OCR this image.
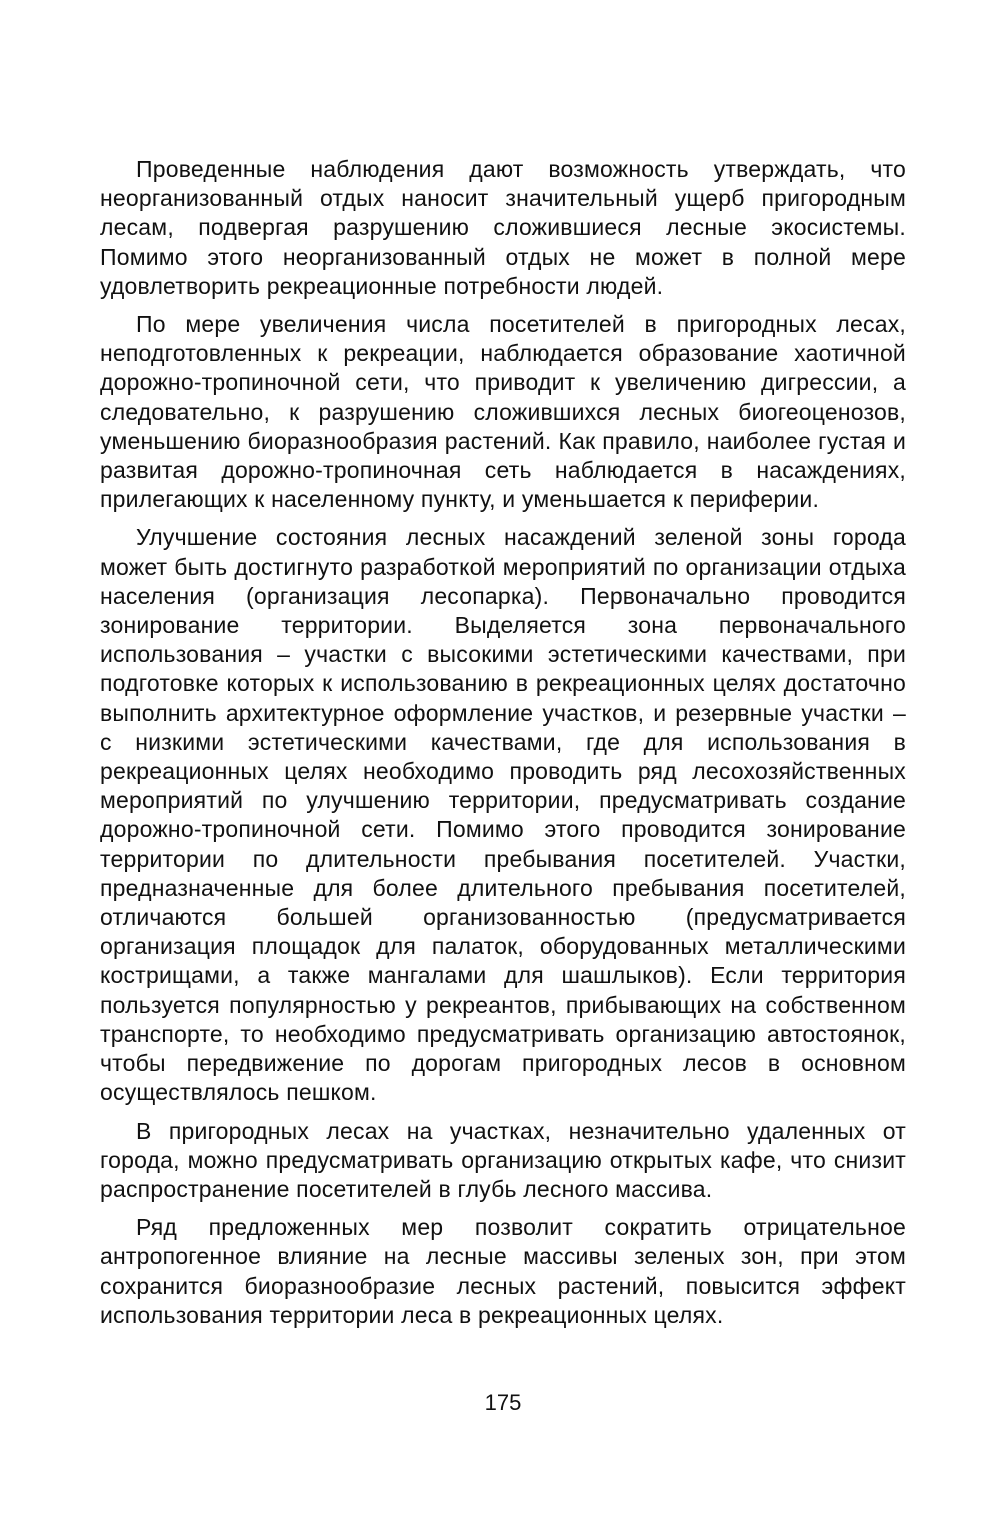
Проведенные наблюдения дают возможность утверждать, что неорганизованный отдых наносит значительный ущерб пригородным лесам, подвергая разрушению сложившиеся лесные экосистемы. Помимо этого неорганизованный отдых не может в полной мере удовлетворить рекреационные потребности людей.

По мере увеличения числа посетителей в пригородных лесах, неподготовленных к рекреации, наблюдается образование хаотичной дорожно-тропиночной сети, что приводит к увеличению дигрессии, а следовательно, к разрушению сложившихся лесных биогеоценозов, уменьшению биоразнообразия растений. Как правило, наиболее густая и развитая дорожно-тропиночная сеть наблюдается в насаждениях, прилегающих к населенному пункту, и уменьшается к периферии.

Улучшение состояния лесных насаждений зеленой зоны города может быть достигнуто разработкой мероприятий по организации отдыха населения (организация лесопарка). Первоначально проводится зонирование территории. Выделяется зона первоначального использования – участки с высокими эстетическими качествами, при подготовке которых к использованию в рекреационных целях достаточно выполнить архитектурное оформление участков, и резервные участки – с низкими эстетическими качествами, где для использования в рекреационных целях необходимо проводить ряд лесохозяйственных мероприятий по улучшению территории, предусматривать создание дорожно-тропиночной сети. Помимо этого проводится зонирование территории по длительности пребывания посетителей. Участки, предназначенные для более длительного пребывания посетителей, отличаются большей организованностью (предусматривается организация площадок для палаток, оборудованных металлическими кострищами, а также мангалами для шашлыков). Если территория пользуется популярностью у рекреантов, прибывающих на собственном транспорте, то необходимо предусматривать организацию автостоянок, чтобы передвижение по дорогам пригородных лесов в основном осуществлялось пешком.

В пригородных лесах на участках, незначительно удаленных от города, можно предусматривать организацию открытых кафе, что снизит распространение посетителей в глубь лесного массива.

Ряд предложенных мер позволит сократить отрицательное антропогенное влияние на лесные массивы зеленых зон, при этом сохранится биоразнообразие лесных растений, повысится эффект использования территории леса в рекреационных целях.

175
